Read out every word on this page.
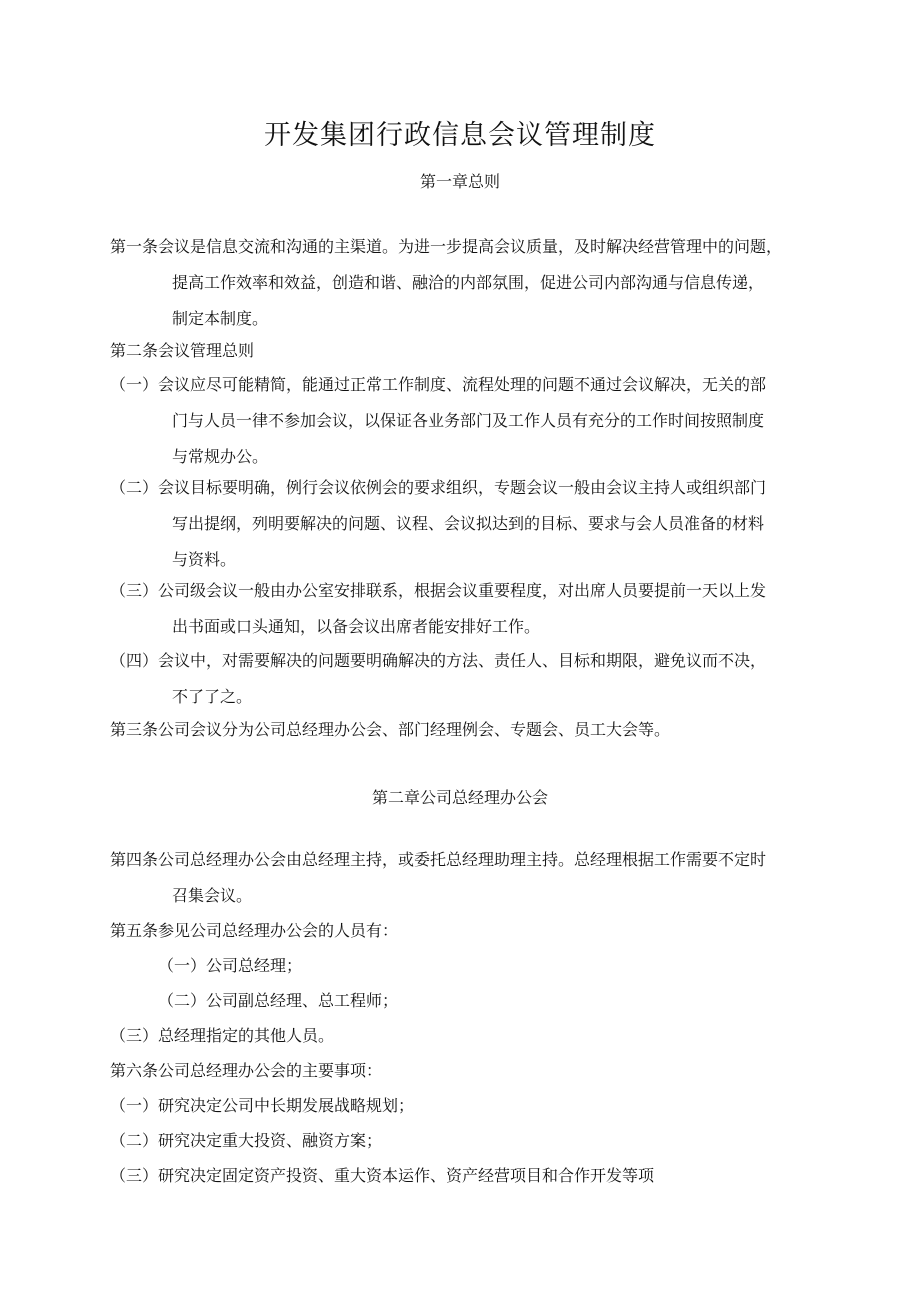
开发集团行政信息会议管理制度
第一章总则
第一条会议是信息交流和沟通的主渠道。为进一步提高会议质量，及时解决经营管理中的问题，
提高工作效率和效益，创造和谐、融洽的内部氛围，促进公司内部沟通与信息传递，
制定本制度。
第二条会议管理总则
（一）会议应尽可能精简，能通过正常工作制度、流程处理的问题不通过会议解决，无关的部
门与人员一律不参加会议，以保证各业务部门及工作人员有充分的工作时间按照制度
与常规办公。
（二）会议目标要明确，例行会议依例会的要求组织，专题会议一般由会议主持人或组织部门
写出提纲，列明要解决的问题、议程、会议拟达到的目标、要求与会人员准备的材料
与资料。
（三）公司级会议一般由办公室安排联系，根据会议重要程度，对出席人员要提前一天以上发
出书面或口头通知，以备会议出席者能安排好工作。
（四）会议中，对需要解决的问题要明确解决的方法、责任人、目标和期限，避免议而不决，
不了了之。
第三条公司会议分为公司总经理办公会、部门经理例会、专题会、员工大会等。
第二章公司总经理办公会
第四条公司总经理办公会由总经理主持，或委托总经理助理主持。总经理根据工作需要不定时
召集会议。
第五条参见公司总经理办公会的人员有：
（一）公司总经理；
（二）公司副总经理、总工程师；
（三）总经理指定的其他人员。
第六条公司总经理办公会的主要事项：
（一）研究决定公司中长期发展战略规划；
（二）研究决定重大投资、融资方案；
（三）研究决定固定资产投资、重大资本运作、资产经营项目和合作开发等项
